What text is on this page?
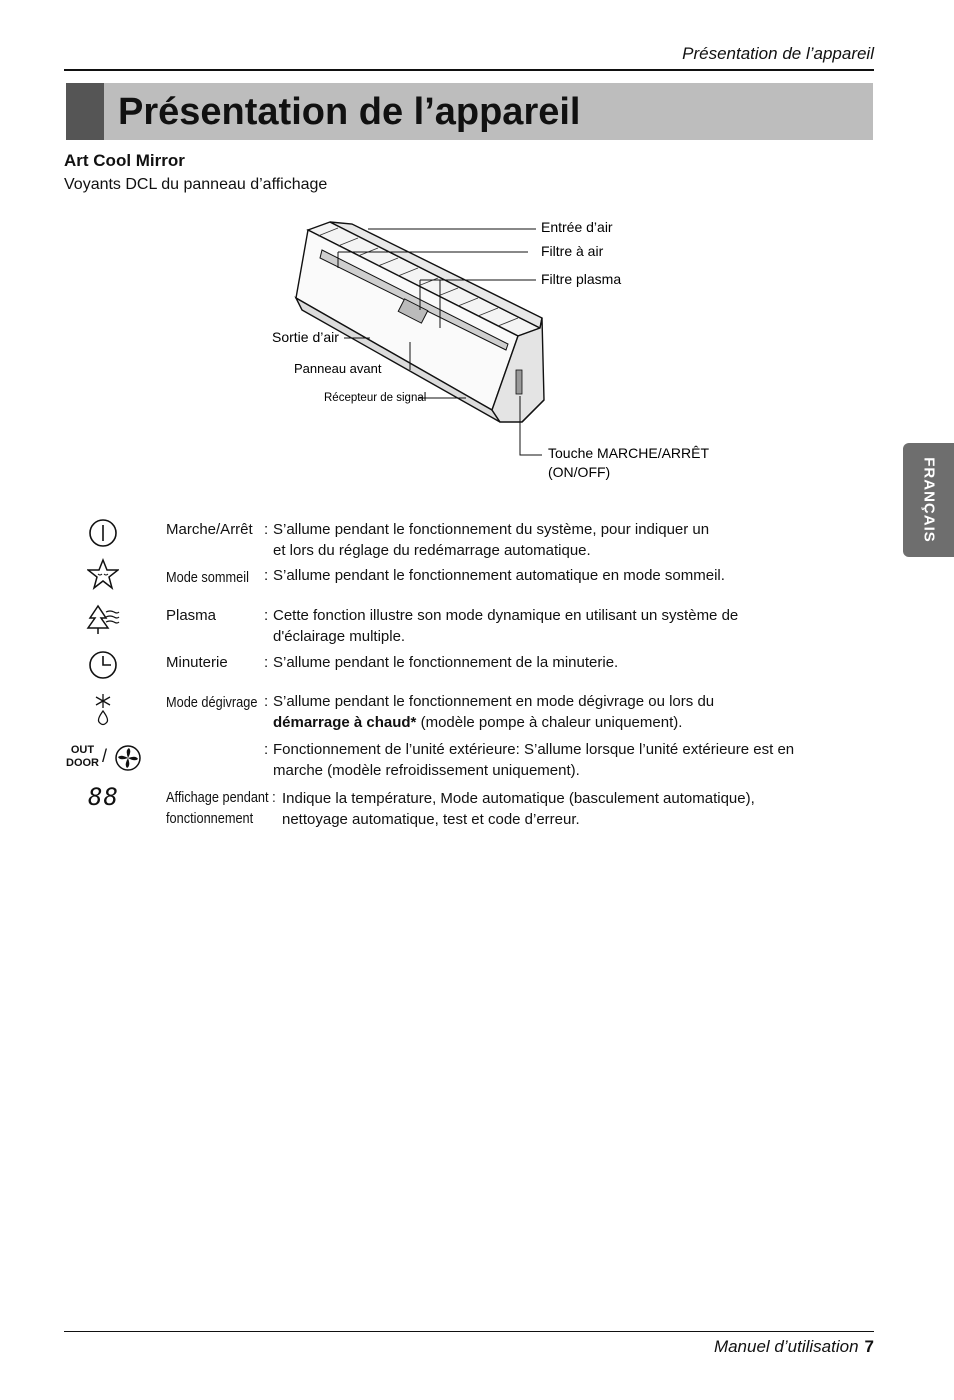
Présentation de l’appareil
Présentation de l’appareil
Art Cool Mirror
Voyants DCL du panneau d’affichage
Entrée d’air
Filtre à air
Filtre plasma
Sortie d’air
Panneau avant
Récepteur de signal
Touche MARCHE/ARRÊT
(ON/OFF)	FRANÇAIS
Marche/Arrêt : S’allume pendant le fonctionnement du système, pour indiquer un
et lors du réglage du redémarrage automatique.
Mode sommeil : S’allume pendant le fonctionnement automatique en mode sommeil.
Plasma	: Cette fonction illustre son mode dynamique en utilisant un système de
d'éclairage multiple.
Minuterie : S’allume pendant le fonctionnement de la minuterie.
Mode dégivrage : S’allume pendant le fonctionnement en mode dégivrage ou lors du
démarrage à chaud* (modèle pompe à chaleur uniquement).
OUT
DOOR /	: Fonctionnement de l’unité extérieure: S’allume lorsque l’unité extérieure est en
marche (modèle refroidissement uniquement).
88	Affichage pendant :
fonctionnement
Indique la température, Mode automatique (basculement automatique),
nettoyage automatique, test et code d’erreur.
Manuel d’utilisation 7
